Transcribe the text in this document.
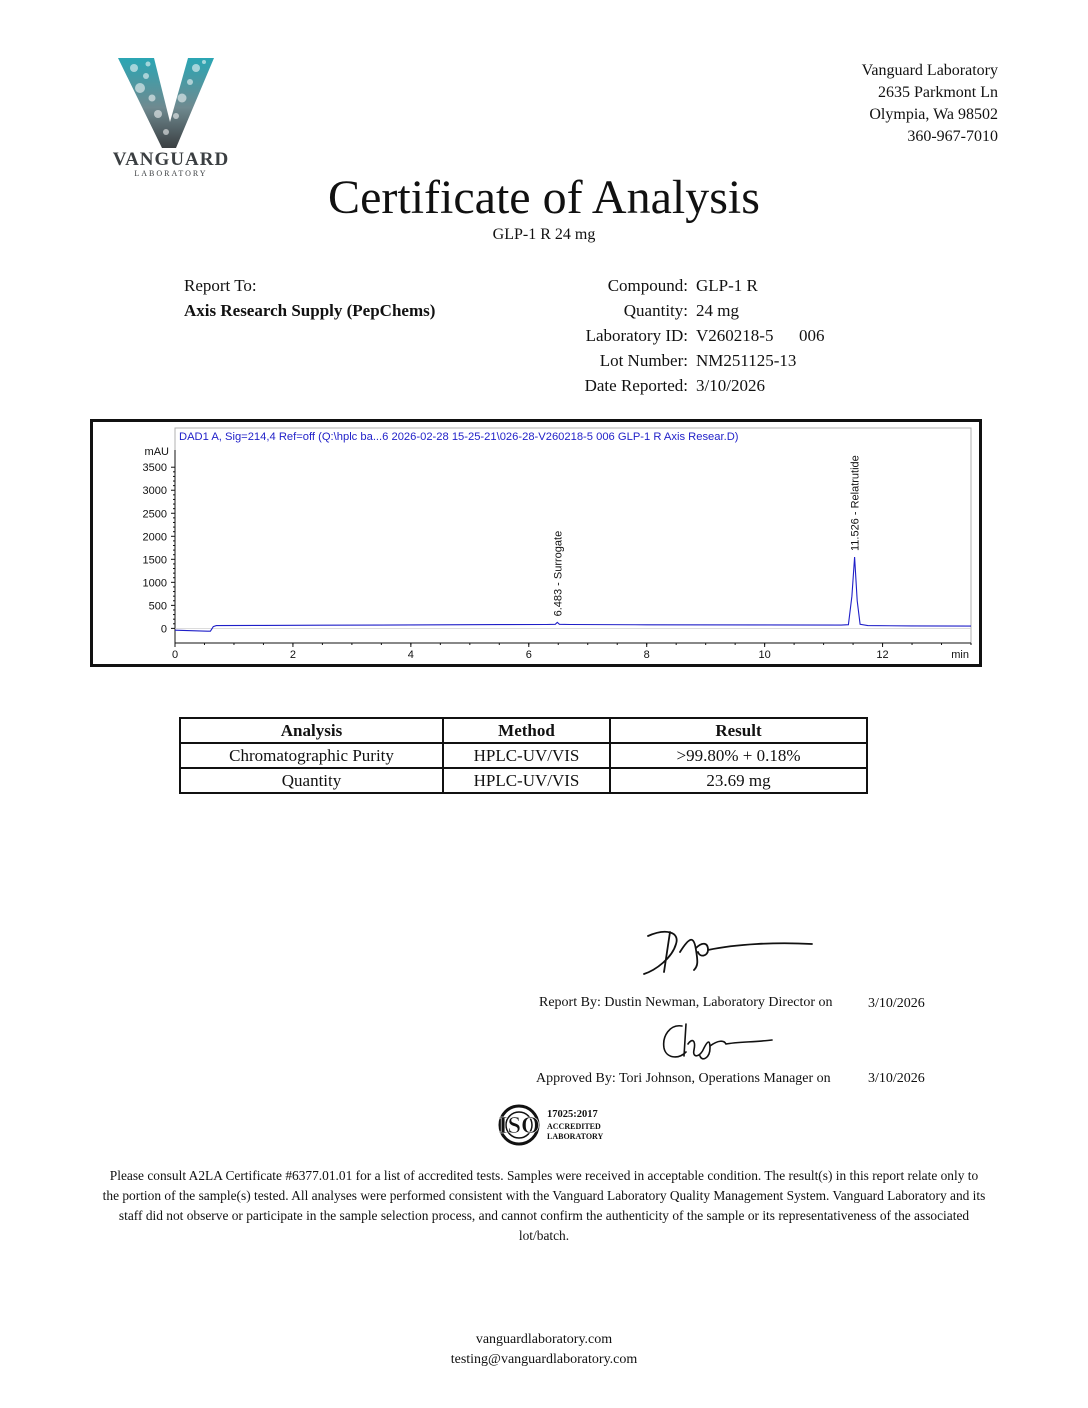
VANGUARD
LABORATORY
Vanguard Laboratory
2635 Parkmont Ln
Olympia, Wa 98502
360-967-7010
Certificate of Analysis
GLP-1 R 24 mg
Report To:
Axis Research Supply (PepChems)
Compound: GLP-1 R
Quantity: 24 mg
Laboratory ID: V260218-5      006
Lot Number: NM251125-13
Date Reported: 3/10/2026
DAD1 A, Sig=214,4 Ref=off (Q:\hplc ba...6 2026-02-28 15-25-21\026-28-V260218-5 006 GLP-1 R Axis Resear.D)
mAU
0
500
1000
1500
2000
2500
3000
3500
0	2	4	6	8	10	12	min
6.483 - Surrogate
11.526 - Relatrutide
Analysis	Method	Result
Chromatographic Purity	HPLC-UV/VIS	>99.80% + 0.18%
Quantity	HPLC-UV/VIS	23.69 mg
Report By: Dustin Newman, Laboratory Director on	3/10/2026
Approved By: Tori Johnson, Operations Manager on	3/10/2026
ISO 17025:2017
ACCREDITED
LABORATORY
Please consult A2LA Certificate #6377.01.01 for a list of accredited tests. Samples were received in acceptable condition. The result(s) in this report relate only to the portion of the sample(s) tested. All analyses were performed consistent with the Vanguard Laboratory Quality Management System. Vanguard Laboratory and its staff did not observe or participate in the sample selection process, and cannot confirm the authenticity of the sample or its representativeness of the associated lot/batch.
vanguardlaboratory.com
testing@vanguardlaboratory.com
